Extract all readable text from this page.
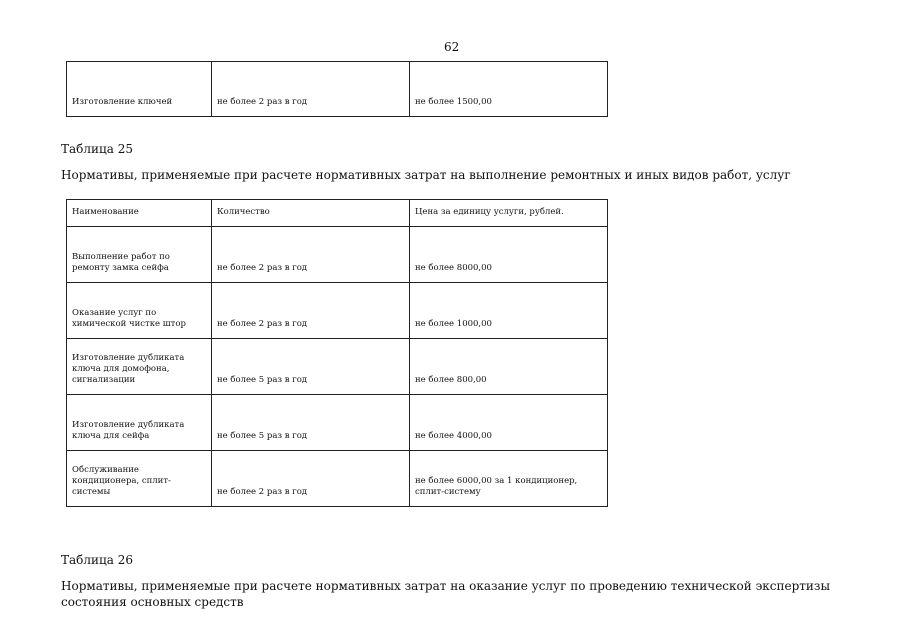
62
Изготовление ключей	не более 2 раз в год	не более 1500,00
Таблица 25
Нормативы, применяемые при расчете нормативных затрат на выполнение ремонтных и иных видов работ, услуг
Наименование	Количество	Цена за единицу услуги, рублей.
Выполнение работ по ремонту замка сейфа	не более 2 раз в год	не более 8000,00
Оказание услуг по химической чистке штор	не более 2 раз в год	не более 1000,00
Изготовление дубликата ключа для домофона, сигнализации	не более 5 раз в год	не более 800,00
Изготовление дубликата ключа для сейфа	не более 5 раз в год	не более 4000,00
Обслуживание кондиционера, сплит-системы	не более 2 раз в год	не более 6000,00 за 1 кондиционер, сплит-систему
Таблица 26
Нормативы, применяемые при расчете нормативных затрат на оказание услуг по проведению технической экспертизы состояния основных средств
